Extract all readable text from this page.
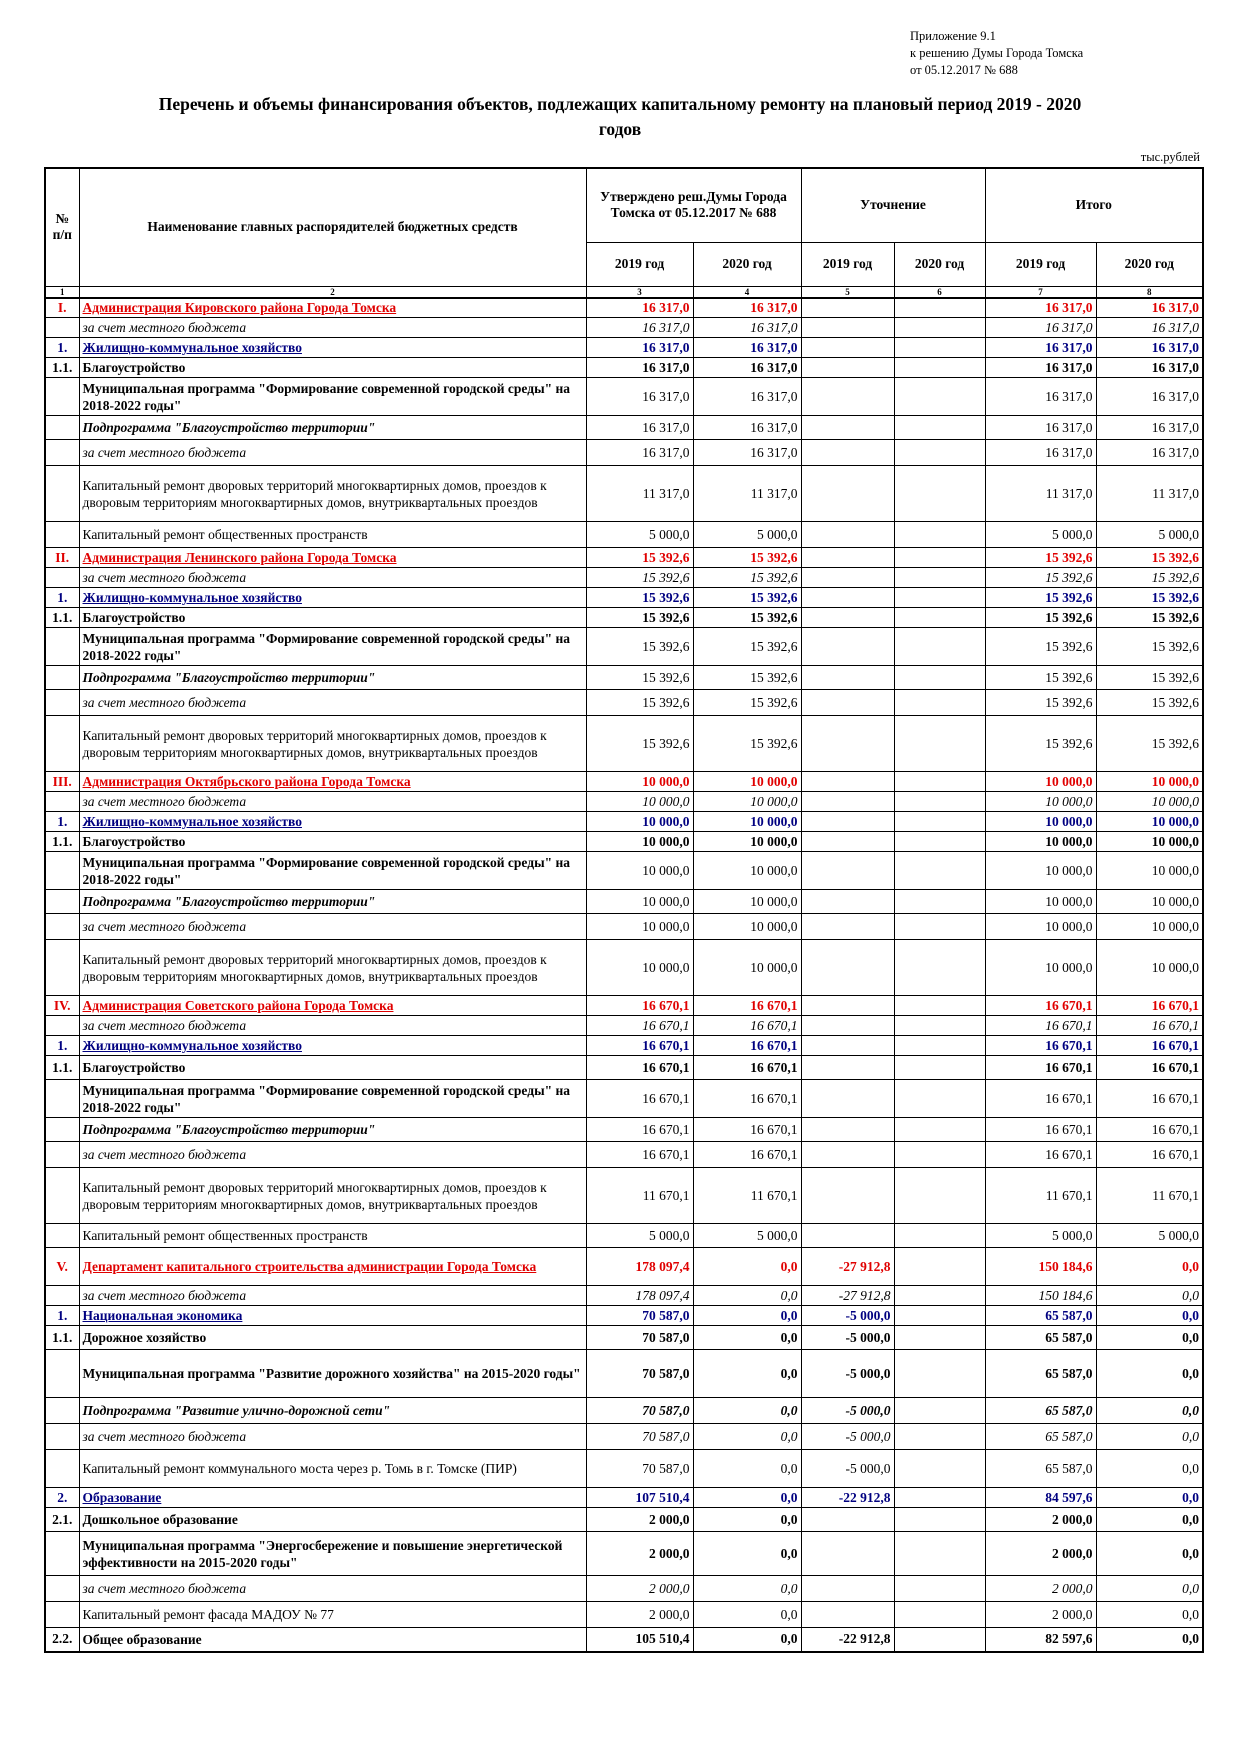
Приложение 9.1
к решению Думы Города Томска
от 05.12.2017 № 688
Перечень и объемы финансирования объектов, подлежащих капитальному ремонту на плановый период 2019 - 2020
годов
тыс.рублей
№ п/п	Наименование главных распорядителей бюджетных средств	Утверждено реш.Думы Города Томска от 05.12.2017 № 688		Уточнение		Итого	
		2019 год	2020 год	2019 год	2020 год	2019 год	2020 год
1	2	3	4	5	6	7	8
I.	Администрация Кировского района Города Томска	16 317,0	16 317,0			16 317,0	16 317,0
	за счет местного бюджета	16 317,0	16 317,0			16 317,0	16 317,0
1.	Жилищно-коммунальное хозяйство	16 317,0	16 317,0			16 317,0	16 317,0
1.1.	Благоустройство	16 317,0	16 317,0			16 317,0	16 317,0
	Муниципальная программа "Формирование современной городской среды" на 2018-2022 годы"	16 317,0	16 317,0			16 317,0	16 317,0
	Подпрограмма "Благоустройство территории"	16 317,0	16 317,0			16 317,0	16 317,0
	за счет местного бюджета	16 317,0	16 317,0			16 317,0	16 317,0
	Капитальный ремонт дворовых территорий многоквартирных домов, проездов к дворовым территориям многоквартирных домов, внутриквартальных проездов	11 317,0	11 317,0			11 317,0	11 317,0
	Капитальный ремонт общественных пространств	5 000,0	5 000,0			5 000,0	5 000,0
II.	Администрация Ленинского района Города Томска	15 392,6	15 392,6			15 392,6	15 392,6
	за счет местного бюджета	15 392,6	15 392,6			15 392,6	15 392,6
1.	Жилищно-коммунальное хозяйство	15 392,6	15 392,6			15 392,6	15 392,6
1.1.	Благоустройство	15 392,6	15 392,6			15 392,6	15 392,6
	Муниципальная программа "Формирование современной городской среды" на 2018-2022 годы"	15 392,6	15 392,6			15 392,6	15 392,6
	Подпрограмма "Благоустройство территории"	15 392,6	15 392,6			15 392,6	15 392,6
	за счет местного бюджета	15 392,6	15 392,6			15 392,6	15 392,6
	Капитальный ремонт дворовых территорий многоквартирных домов, проездов к дворовым территориям многоквартирных домов, внутриквартальных проездов	15 392,6	15 392,6			15 392,6	15 392,6
III.	Администрация Октябрьского района Города Томска	10 000,0	10 000,0			10 000,0	10 000,0
	за счет местного бюджета	10 000,0	10 000,0			10 000,0	10 000,0
1.	Жилищно-коммунальное хозяйство	10 000,0	10 000,0			10 000,0	10 000,0
1.1.	Благоустройство	10 000,0	10 000,0			10 000,0	10 000,0
	Муниципальная программа "Формирование современной городской среды" на 2018-2022 годы"	10 000,0	10 000,0			10 000,0	10 000,0
	Подпрограмма "Благоустройство территории"	10 000,0	10 000,0			10 000,0	10 000,0
	за счет местного бюджета	10 000,0	10 000,0			10 000,0	10 000,0
	Капитальный ремонт дворовых территорий многоквартирных домов, проездов к дворовым территориям многоквартирных домов, внутриквартальных проездов	10 000,0	10 000,0			10 000,0	10 000,0
IV.	Администрация Советского района Города Томска	16 670,1	16 670,1			16 670,1	16 670,1
	за счет местного бюджета	16 670,1	16 670,1			16 670,1	16 670,1
1.	Жилищно-коммунальное хозяйство	16 670,1	16 670,1			16 670,1	16 670,1
1.1.	Благоустройство	16 670,1	16 670,1			16 670,1	16 670,1
	Муниципальная программа "Формирование современной городской среды" на 2018-2022 годы"	16 670,1	16 670,1			16 670,1	16 670,1
	Подпрограмма "Благоустройство территории"	16 670,1	16 670,1			16 670,1	16 670,1
	за счет местного бюджета	16 670,1	16 670,1			16 670,1	16 670,1
	Капитальный ремонт дворовых территорий многоквартирных домов, проездов к дворовым территориям многоквартирных домов, внутриквартальных проездов	11 670,1	11 670,1			11 670,1	11 670,1
	Капитальный ремонт общественных пространств	5 000,0	5 000,0			5 000,0	5 000,0
V.	Департамент капитального строительства администрации Города Томска	178 097,4	0,0	-27 912,8		150 184,6	0,0
	за счет местного бюджета	178 097,4	0,0	-27 912,8		150 184,6	0,0
1.	Национальная экономика	70 587,0	0,0	-5 000,0		65 587,0	0,0
1.1.	Дорожное хозяйство	70 587,0	0,0	-5 000,0		65 587,0	0,0
	Муниципальная программа "Развитие дорожного хозяйства" на 2015-2020 годы"	70 587,0	0,0	-5 000,0		65 587,0	0,0
	Подпрограмма "Развитие улично-дорожной сети"	70 587,0	0,0	-5 000,0		65 587,0	0,0
	за счет местного бюджета	70 587,0	0,0	-5 000,0		65 587,0	0,0
	Капитальный ремонт коммунального моста через р. Томь в г. Томске (ПИР)	70 587,0	0,0	-5 000,0		65 587,0	0,0
2.	Образование	107 510,4	0,0	-22 912,8		84 597,6	0,0
2.1.	Дошкольное образование	2 000,0	0,0			2 000,0	0,0
	Муниципальная программа "Энергосбережение и повышение энергетической эффективности на 2015-2020 годы"	2 000,0	0,0			2 000,0	0,0
	за счет местного бюджета	2 000,0	0,0			2 000,0	0,0
	Капитальный ремонт фасада МАДОУ № 77	2 000,0	0,0			2 000,0	0,0
2.2.	Общее образование	105 510,4	0,0	-22 912,8		82 597,6	0,0
